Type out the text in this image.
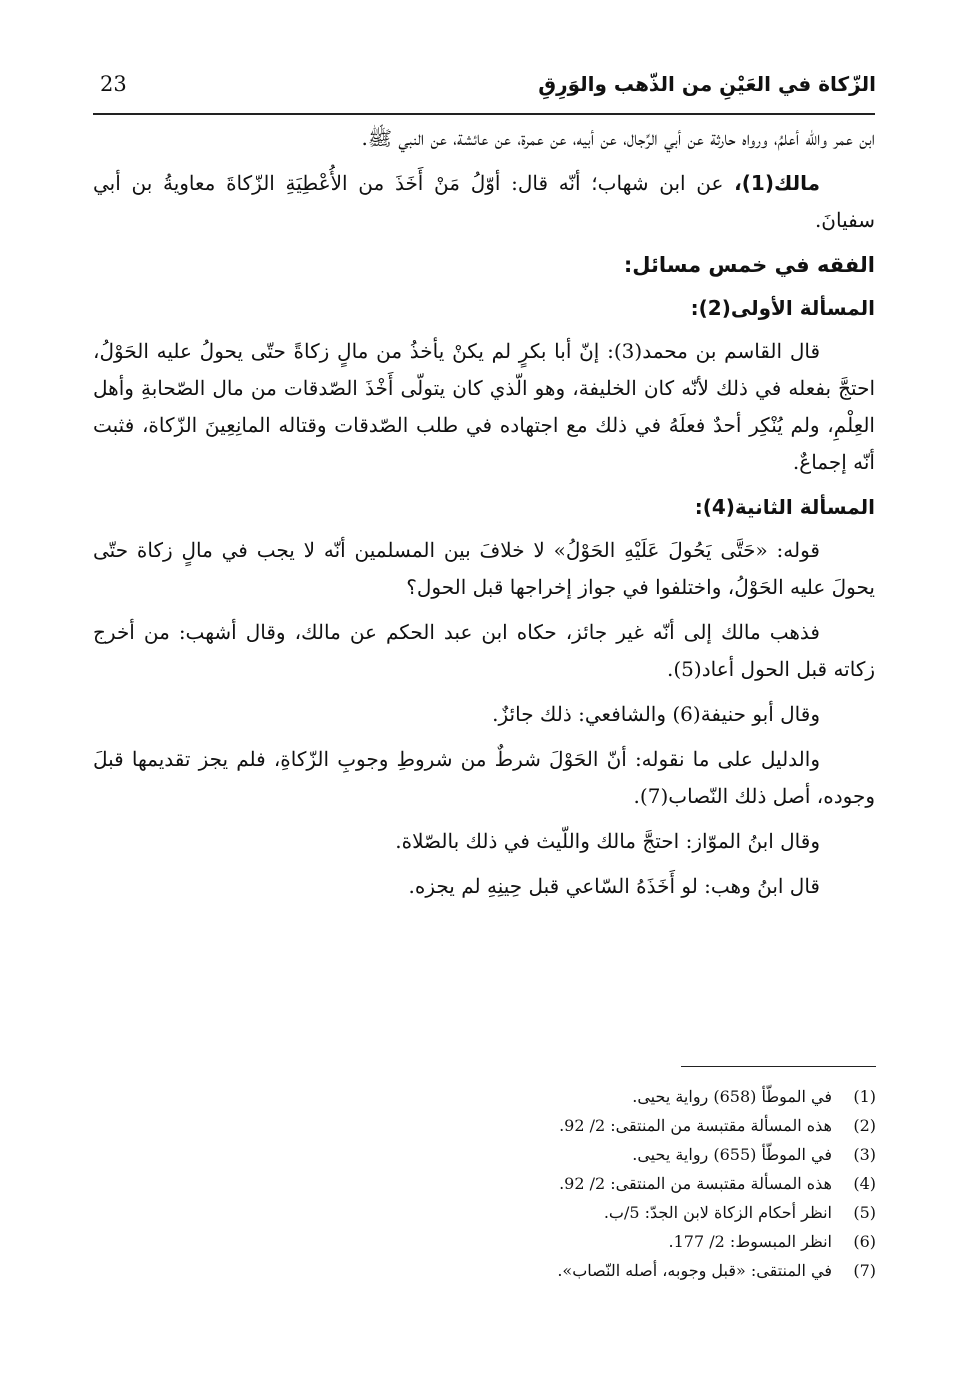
الزّكاة في العَيْنِ من الذّهب والوَرِقِ
23

ابن عمر والله أعلمُ، ورواه حارثة عن أبي الرِّجال، عن أبيه، عن عمرة، عن عائشة، عن النبي ﷺ.

مالك(1)، عن ابن شهاب؛ أنّه قال: أوّلُ مَنْ أَخَذَ من الأُعْطِيَةِ الزّكاةَ معاويةُ بن أبي سفيانَ.

الفقه في خمس مسائل:
المسألة الأولى(2):

قال القاسم بن محمد(3): إنّ أبا بكرٍ لم يكنْ يأخذُ من مالٍ زكاةً حتّى يحولُ عليه الحَوْلُ، احتجَّ بفعله في ذلك لأنّه كان الخليفة، وهو الّذي كان يتولّى أَخْذَ الصّدقات من مال الصّحابةِ وأهل العِلْمِ، ولم يُنْكِر أحدٌ فعلَهُ في ذلك مع اجتهاده في طلب الصّدقات وقتاله المانِعِينَ الزّكاة، فثبت أنّه إجماعٌ.

المسألة الثانية(4):

قوله: «حَتَّى يَحُولَ عَلَيْهِ الحَوْلُ» لا خلافَ بين المسلمين أنّه لا يجب في مالٍ زكاة حتّى يحولَ عليه الحَوْلُ، واختلفوا في جواز إخراجها قبل الحول؟

فذهب مالك إلى أنّه غير جائز، حكاه ابن عبد الحكم عن مالك، وقال أشهب: من أخرج زكاته قبل الحول أعاد(5).

وقال أبو حنيفة(6) والشافعي: ذلك جائزٌ.

والدليل على ما نقوله: أنّ الحَوْلَ شرطٌ من شروطِ وجوبِ الزّكاةِ، فلم يجز تقديمها قبلَ وجوده، أصل ذلك النّصاب(7).

وقال ابنُ الموّاز: احتجَّ مالك واللّيث في ذلك بالصّلاة.

قال ابنُ وهب: لو أَخَذَهُ السّاعي قبل حِينِهِ لم يجزه.

(1)
في الموطّأ (658) رواية يحيى.
(2)
هذه المسألة مقتبسة من المنتقى: 2/ 92.
(3)
في الموطّأ (655) رواية يحيى.
(4)
هذه المسألة مقتبسة من المنتقى: 2/ 92.
(5)
انظر أحكام الزكاة لابن الجدّ: 5/ب.
(6)
انظر المبسوط: 2/ 177.
(7)
في المنتقى: «قبل وجوبه، أصله النّصاب».
